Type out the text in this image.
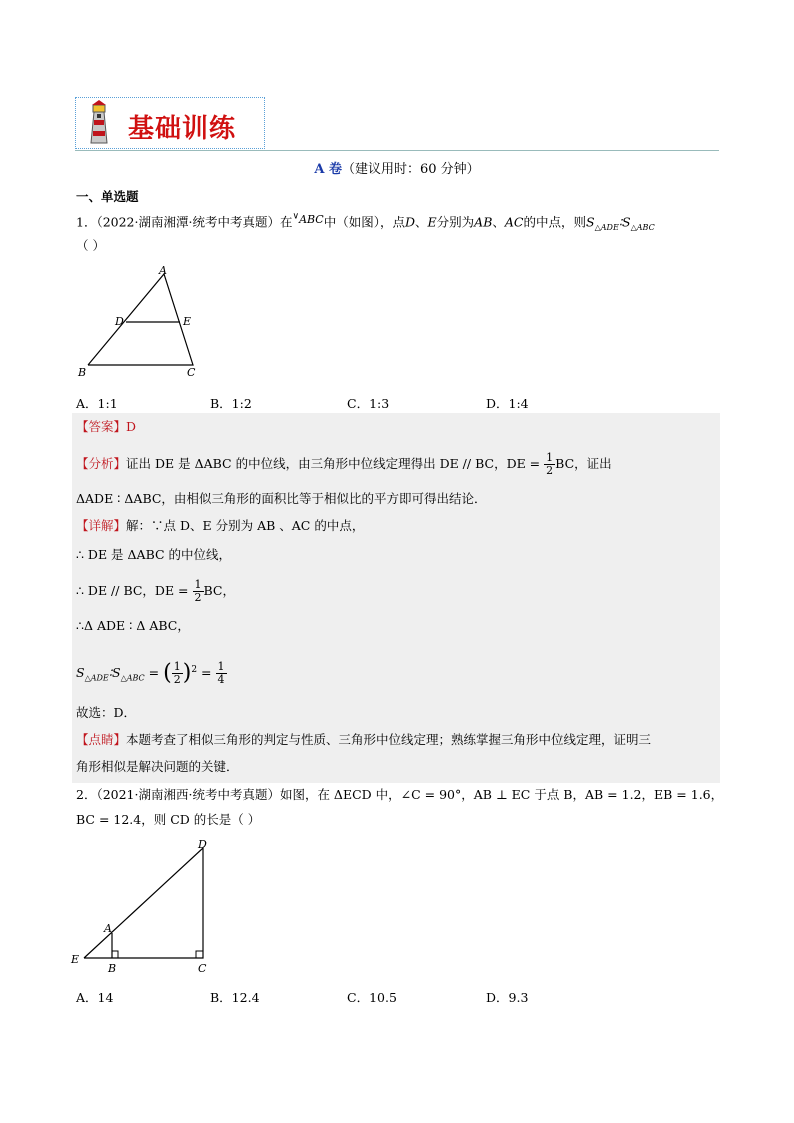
基础训练
A 卷（建议用时：60 分钟）
一、单选题
1．（2022·湖南湘潭·统考中考真题）在∨ABC中（如图），点D、E分别为AB、AC的中点，则$S_{\triangle ADE}∶S_{\triangle ABC}$
（ ）
A
D	E
B	C
A．1:1	B．1:2	C．1:3	D．1:4
【答案】D
【分析】证出 DE 是 ΔABC 的中位线，由三角形中位线定理得出 DE // BC，DE = $\frac{1}{2}$ BC，证出
ΔADE ∶ ΔABC，由相似三角形的面积比等于相似比的平方即可得出结论．
【详解】解：∵点 D、E 分别为 AB 、AC 的中点，
∴ DE 是 ΔABC 的中位线，
∴ DE // BC，DE = $\frac{1}{2}$ BC，
∴Δ ADE ∶ Δ ABC，
$S_{\triangle ADE}∶S_{\triangle ABC}$ = ( $\frac{1}{2} )^2 = \frac{1}{4}$
故选：D．
【点睛】本题考查了相似三角形的判定与性质、三角形中位线定理；熟练掌握三角形中位线定理，证明三
角形相似是解决问题的关键．
2．（2021·湖南湘西·统考中考真题）如图，在 ΔECD 中，∠C = 90°，AB ⊥ EC 于点 B，AB = 1.2，EB = 1.6，
BC = 12.4，则 CD 的长是（ ）
D
A
E
B	C
A．14	B．12.4	C．10.5	D．9.3
